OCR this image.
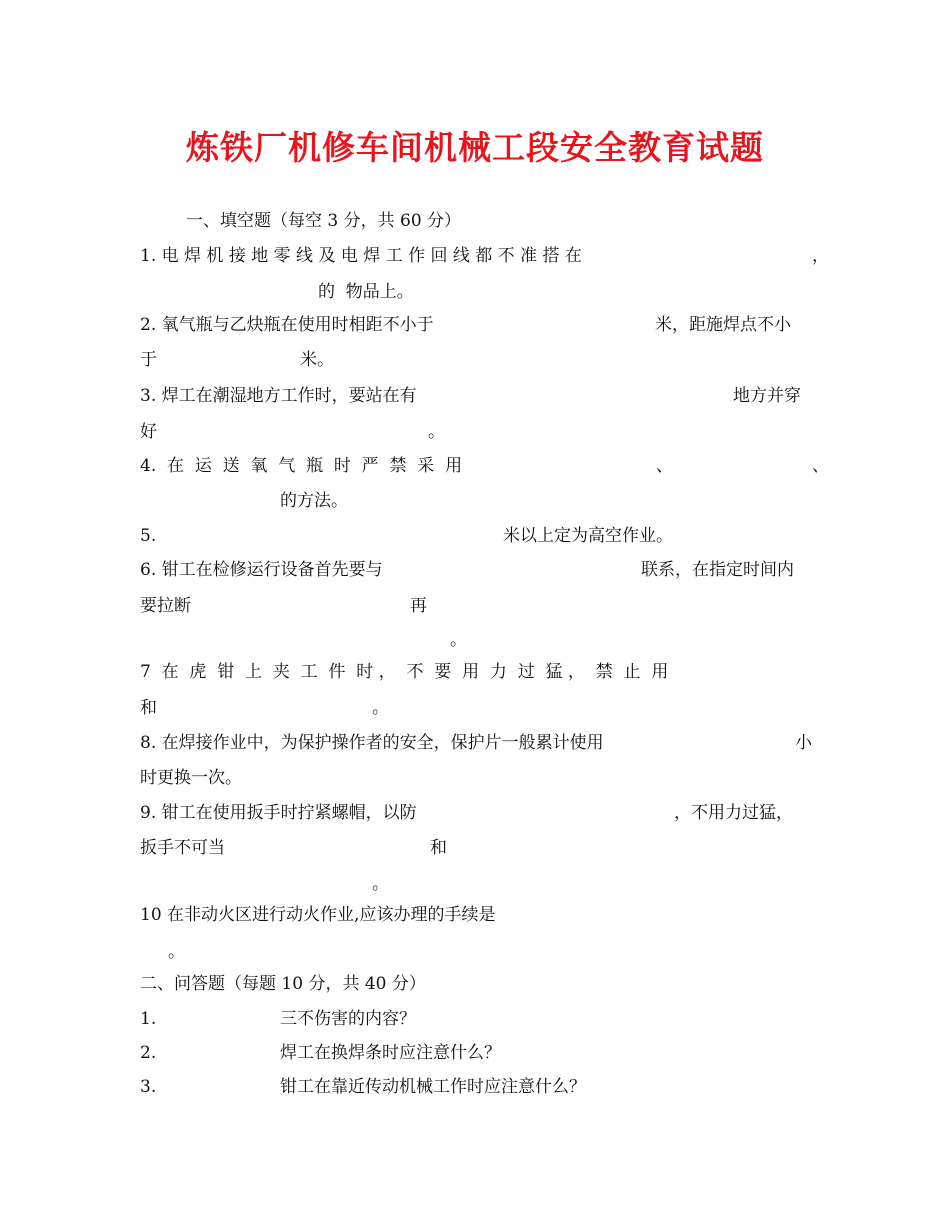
炼铁厂机修车间机械工段安全教育试题
一、填空题（每空 3 分，共 60 分）
1. 电 焊 机 接 地 零 线 及 电 焊 工 作 回 线 都 不 准 搭 在	，
的  物品上。
2. 氧气瓶与乙炔瓶在使用时相距不小于	米，距施焊点不小
于	米。
3. 焊工在潮湿地方工作时，要站在有	地方并穿
好	。
4.  在  运  送  氧  气  瓶  时  严  禁  采  用	、	、
的方法。
5.	米以上定为高空作业。
6. 钳工在检修运行设备首先要与	联系，在指定时间内
要拉断	再
。
7  在  虎  钳  上  夹  工  件  时 ，  不  要  用  力  过  猛 ，  禁  止  用
和	。
8. 在焊接作业中，为保护操作者的安全，保护片一般累计使用	小
时更换一次。
9. 钳工在使用扳手时拧紧螺帽，以防	，不用力过猛，
扳手不可当	和
。
10 在非动火区进行动火作业,应该办理的手续是
。
二、问答题（每题 10 分，共 40 分）
1.	三不伤害的内容？
2.	焊工在换焊条时应注意什么？
3.	钳工在靠近传动机械工作时应注意什么？
